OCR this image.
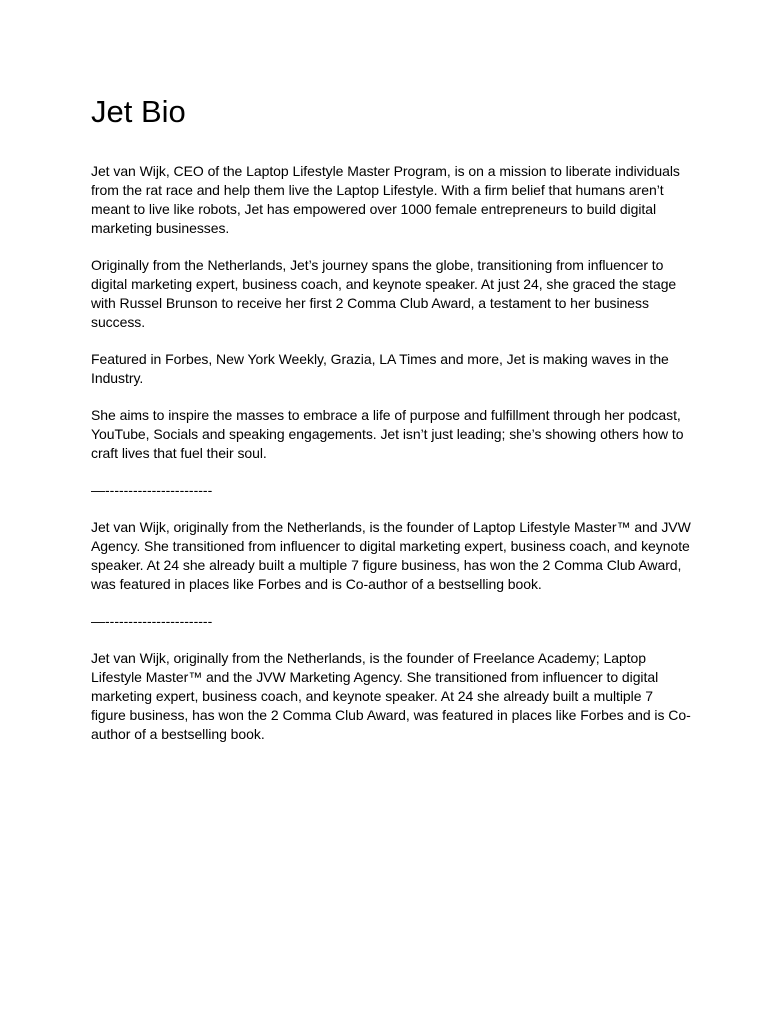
Jet Bio

Jet van Wijk, CEO of the Laptop Lifestyle Master Program, is on a mission to liberate individuals from the rat race and help them live the Laptop Lifestyle. With a firm belief that humans aren’t meant to live like robots, Jet has empowered over 1000 female entrepreneurs to build digital marketing businesses.

Originally from the Netherlands, Jet’s journey spans the globe, transitioning from influencer to digital marketing expert, business coach, and keynote speaker. At just 24, she graced the stage with Russel Brunson to receive her first 2 Comma Club Award, a testament to her business success.

Featured in Forbes, New York Weekly, Grazia, LA Times and more, Jet is making waves in the Industry.

She aims to inspire the masses to embrace a life of purpose and fulfillment through her podcast, YouTube, Socials and speaking engagements. Jet isn’t just leading; she’s showing others how to craft lives that fuel their soul.

—-----------------------

Jet van Wijk, originally from the Netherlands, is the founder of Laptop Lifestyle Master™ and JVW Agency. She transitioned from influencer to digital marketing expert, business coach, and keynote speaker. At 24 she already built a multiple 7 figure business, has won the 2 Comma Club Award, was featured in places like Forbes and is Co-author of a bestselling book.

—-----------------------

Jet van Wijk, originally from the Netherlands, is the founder of Freelance Academy; Laptop Lifestyle Master™ and the JVW Marketing Agency. She transitioned from influencer to digital marketing expert, business coach, and keynote speaker. At 24 she already built a multiple 7 figure business, has won the 2 Comma Club Award, was featured in places like Forbes and is Co-author of a bestselling book.
